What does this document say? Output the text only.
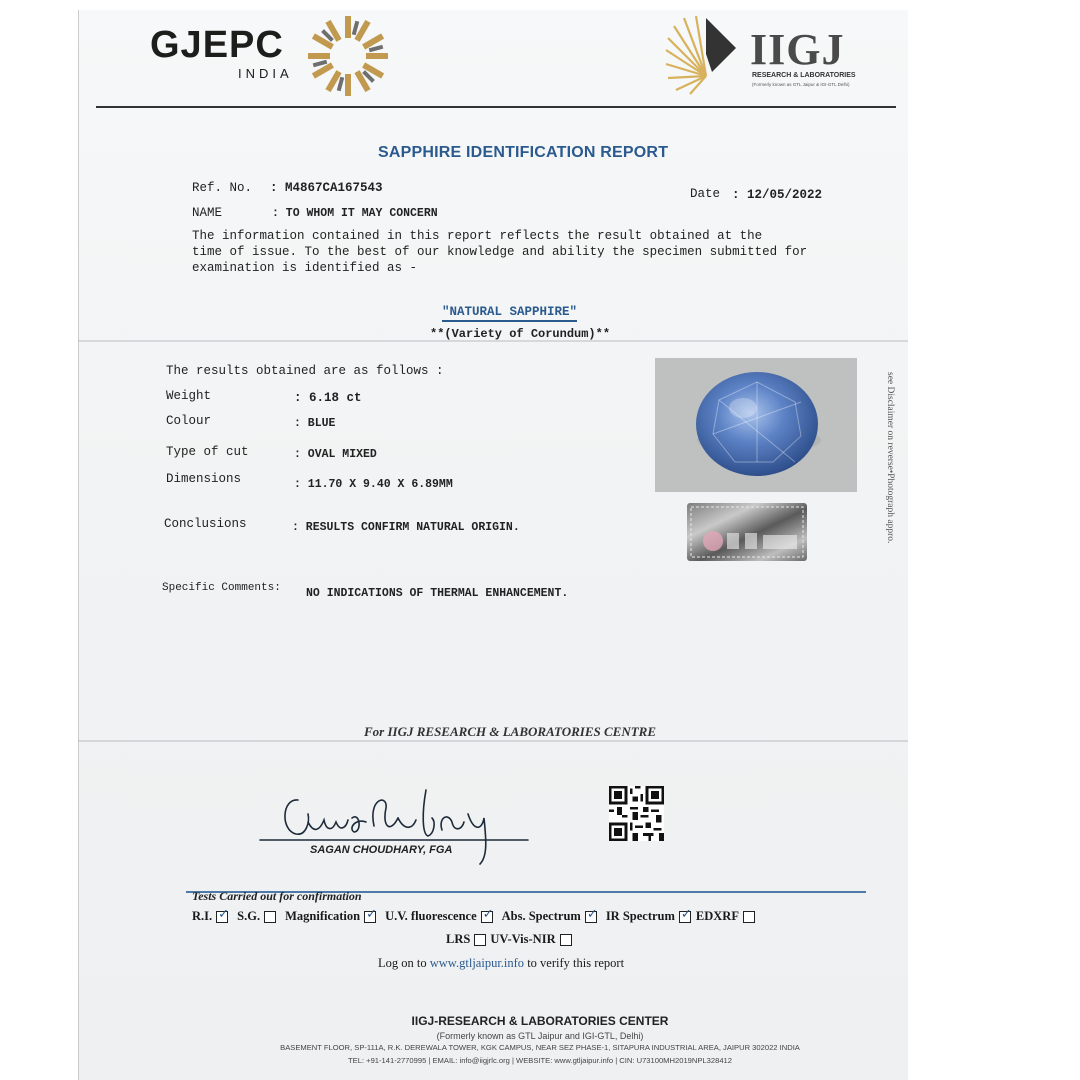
GJEPC
INDIA	IIGJ
RESEARCH & LABORATORIES
(Formerly known as GTL Jaipur & IGI-GTL Delhi)
SAPPHIRE IDENTIFICATION REPORT
Ref. No. : M4867CA167543	Date : 12/05/2022
NAME	: TO WHOM IT MAY CONCERN
The information contained in this report reflects the result obtained at the
time of issue. To the best of our knowledge and ability the specimen submitted for
examination is identified as -
"NATURAL SAPPHIRE"
**(Variety of Corundum)**
The results obtained are as follows :
Weight	: 6.18 ct
Colour	: BLUE
Type of cut	: OVAL MIXED
Dimensions	: 11.70 X 9.40 X 6.89MM
Conclusions	: RESULTS CONFIRM NATURAL ORIGIN.
Specific Comments: NO INDICATIONS OF THERMAL ENHANCEMENT.
see Disclaimer on reverse•Photograph appro.
For IIGJ RESEARCH & LABORATORIES CENTRE
SAGAN CHOUDHARY, FGA
Tests Carried out for confirmation
R.I. ✓ S.G. Magnification ✓ U.V. fluorescence ✓ Abs. Spectrum ✓ IR Spectrum ✓ EDXRF
LRS UV-Vis-NIR
Log on to www.gtljaipur.info to verify this report
IIGJ-RESEARCH & LABORATORIES CENTER
(Formerly known as GTL Jaipur and IGI-GTL, Delhi)
BASEMENT FLOOR, SP-111A, R.K. DEREWALA TOWER, KGK CAMPUS, NEAR SEZ PHASE-1, SITAPURA INDUSTRIAL AREA, JAIPUR 302022 INDIA
TEL: +91-141-2770995 | EMAIL: info@iigjrlc.org | WEBSITE: www.gtljaipur.info | CIN: U73100MH2019NPL328412
